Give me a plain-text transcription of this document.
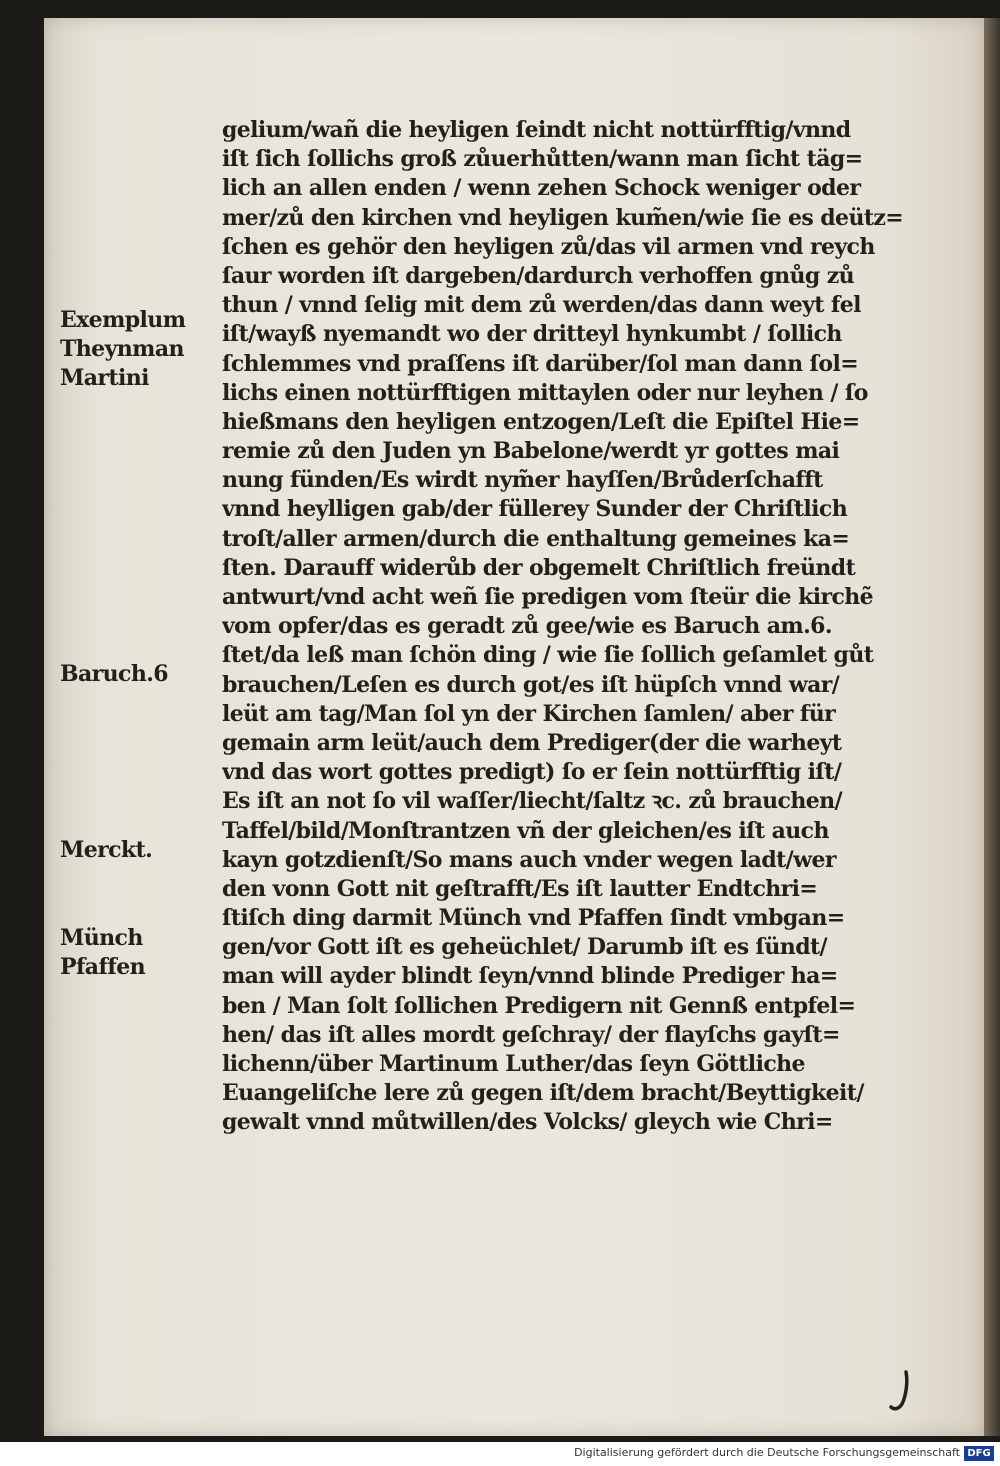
gelium/wañ die heyligen ſeindt nicht nottürfftig/vnnd
iſt ſich ſollichs groß zůuerhůtten/wann man ſicht täg=
lich an allen enden / wenn zehen Schock weniger oder
mer/zů den kirchen vnd heyligen kum̃en/wie ſie es deütz=
ſchen es gehör den heyligen zů/das vil armen vnd reych
ſaur worden iſt dargeben/dardurch verhoffen gnůg zů
thun / vnnd ſelig mit dem zů werden/das dann weyt fel
iſt/wayß nyemandt wo der dritteyl hynkumbt / ſollich
ſchlemmes vnd praſſens iſt darüber/ſol man dann ſol=
lichs einen nottürfftigen mittaylen oder nur leyhen / ſo
hießmans den heyligen entzogen/Leſt die Epiſtel Hie=
remie zů den Juden yn Babelone/werdt yr gottes mai
nung fünden/Es wirdt nym̃er hayſſen/Brůderſchafft
vnnd heylligen gab/der füllerey Sunder der Chriſtlich
troſt/aller armen/durch die enthaltung gemeines ka=
ſten. Darauff widerůb der obgemelt Chriſtlich freündt
antwurt/vnd acht weñ ſie predigen vom ſteür die kirchẽ
vom opfer/das es geradt zů gee/wie es Baruch am.6.
ſtet/da leß man ſchön ding / wie ſie ſollich geſamlet gůt
brauchen/Leſen es durch got/es iſt hüpſch vnnd war/
leüt am tag/Man ſol yn der Kirchen ſamlen/ aber für
gemain arm leüt/auch dem Prediger(der die warheyt
vnd das wort gottes predigt) ſo er ſein nottürfftig iſt/
Es iſt an not ſo vil waſſer/liecht/ſaltz ꝛc. zů brauchen/
Taffel/bild/Monſtrantzen vñ der gleichen/es iſt auch
kayn gotzdienſt/So mans auch vnder wegen ladt/wer
den vonn Gott nit geſtrafft/Es iſt lautter Endtchri=
ſtiſch ding darmit Münch vnd Pfaffen ſindt vmbgan=
gen/vor Gott iſt es geheüchlet/ Darumb iſt es ſündt/
man will ayder blindt ſeyn/vnnd blinde Prediger ha=
ben / Man ſolt ſollichen Predigern nit Gennß entpfel=
hen/ das iſt alles mordt geſchray/ der flayſchs gayſt=
lichenn/über Martinum Luther/das ſeyn Göttliche
Euangeliſche lere zů gegen iſt/dem bracht/Beyttigkeit/
gewalt vnnd můtwillen/des Volcks/ gleych wie Chri=
Exemplum
Theynman
Martini
Baruch.6
Merckt.
Münch
Pfaffen
Digitalisierung gefördert durch die Deutsche Forschungsgemeinschaft DFG
